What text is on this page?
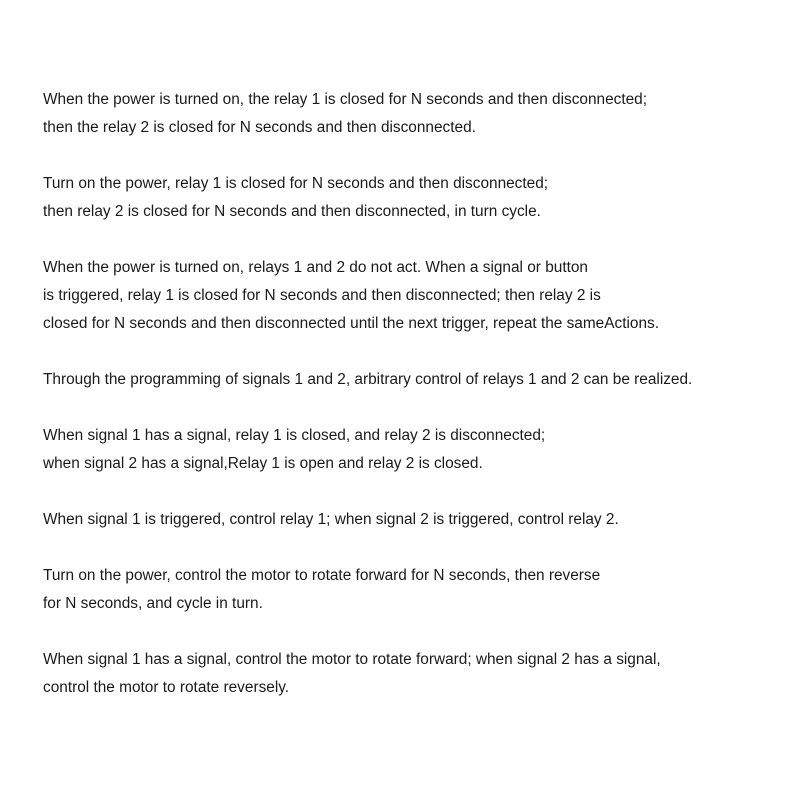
When the power is turned on, the relay 1 is closed for N seconds and then disconnected;
then the relay 2 is closed for N seconds and then disconnected.
Turn on the power, relay 1 is closed for N seconds and then disconnected;
then relay 2 is closed for N seconds and then disconnected, in turn cycle.
When the power is turned on, relays 1 and 2 do not act. When a signal or button
is triggered, relay 1 is closed for N seconds and then disconnected; then relay 2 is
closed for N seconds and then disconnected until the next trigger, repeat the sameActions.
Through the programming of signals 1 and 2, arbitrary control of relays 1 and 2 can be realized.
When signal 1 has a signal, relay 1 is closed, and relay 2 is disconnected;
when signal 2 has a signal,Relay 1 is open and relay 2 is closed.
When signal 1 is triggered, control relay 1; when signal 2 is triggered, control relay 2.
Turn on the power, control the motor to rotate forward for N seconds, then reverse
for N seconds, and cycle in turn.
When signal 1 has a signal, control the motor to rotate forward; when signal 2 has a signal,
control the motor to rotate reversely.
